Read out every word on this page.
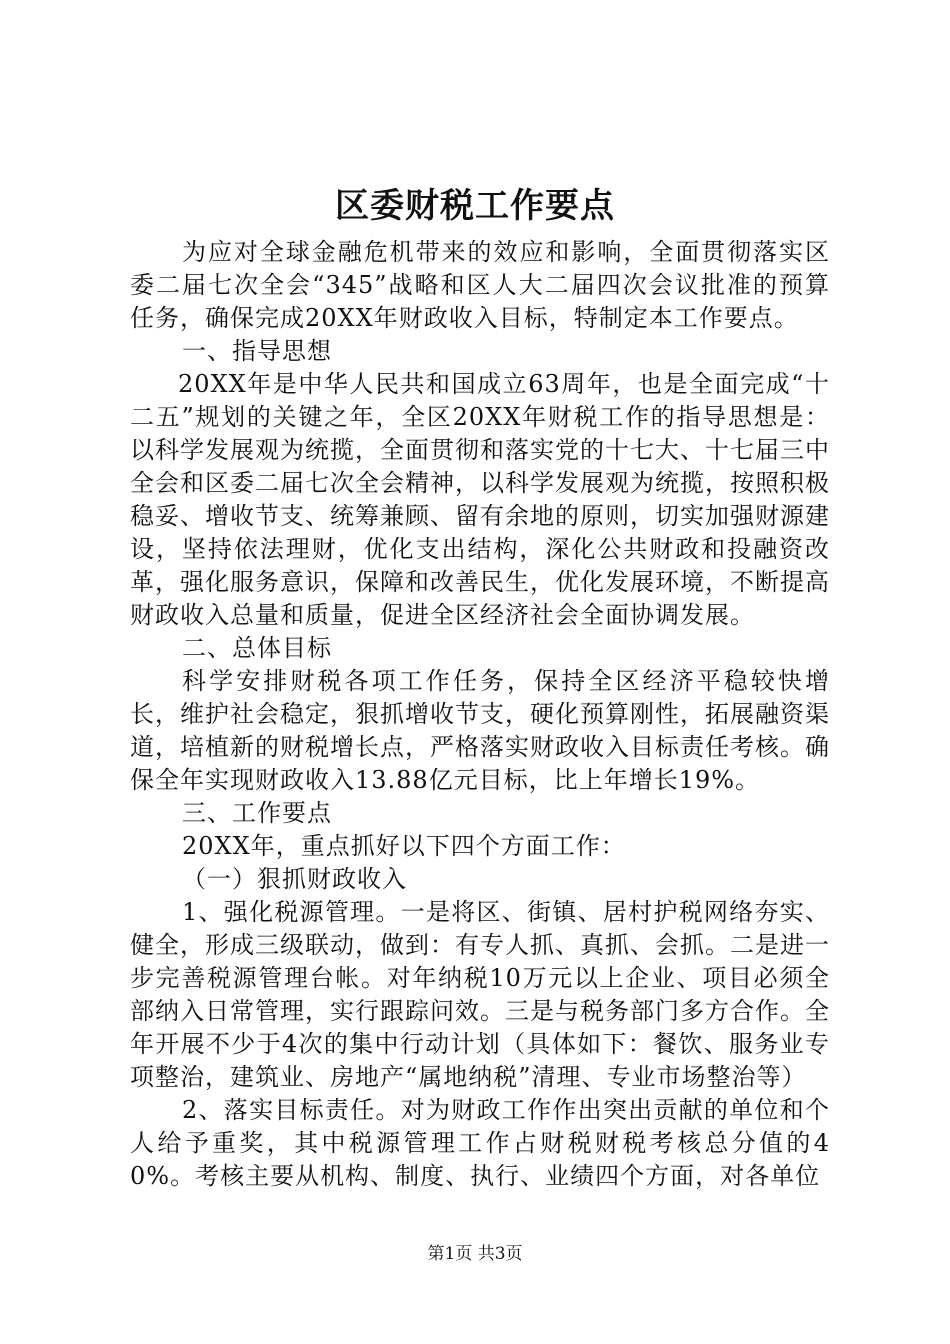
区委财税工作要点

为应对全球金融危机带来的效应和影响，全面贯彻落实区委二届七次全会“345”战略和区人大二届四次会议批准的预算任务，确保完成20XX年财政收入目标，特制定本工作要点。

一、指导思想

20XX年是中华人民共和国成立63周年，也是全面完成“十二五”规划的关键之年，全区20XX年财税工作的指导思想是：以科学发展观为统揽，全面贯彻和落实党的十七大、十七届三中全会和区委二届七次全会精神，以科学发展观为统揽，按照积极稳妥、增收节支、统筹兼顾、留有余地的原则，切实加强财源建设，坚持依法理财，优化支出结构，深化公共财政和投融资改革，强化服务意识，保障和改善民生，优化发展环境，不断提高财政收入总量和质量，促进全区经济社会全面协调发展。

二、总体目标

科学安排财税各项工作任务，保持全区经济平稳较快增长，维护社会稳定，狠抓增收节支，硬化预算刚性，拓展融资渠道，培植新的财税增长点，严格落实财政收入目标责任考核。确保全年实现财政收入13.88亿元目标，比上年增长19%。

三、工作要点

20XX年，重点抓好以下四个方面工作：

（一）狠抓财政收入

1、强化税源管理。一是将区、街镇、居村护税网络夯实、健全，形成三级联动，做到：有专人抓、真抓、会抓。二是进一步完善税源管理台帐。对年纳税10万元以上企业、项目必须全部纳入日常管理，实行跟踪问效。三是与税务部门多方合作。全年开展不少于4次的集中行动计划（具体如下：餐饮、服务业专项整治，建筑业、房地产“属地纳税”清理、专业市场整治等）

2、落实目标责任。对为财政工作作出突出贡献的单位和个人给予重奖，其中税源管理工作占财税财税考核总分值的40%。考核主要从机构、制度、执行、业绩四个方面，对各单位

第1页 共3页
